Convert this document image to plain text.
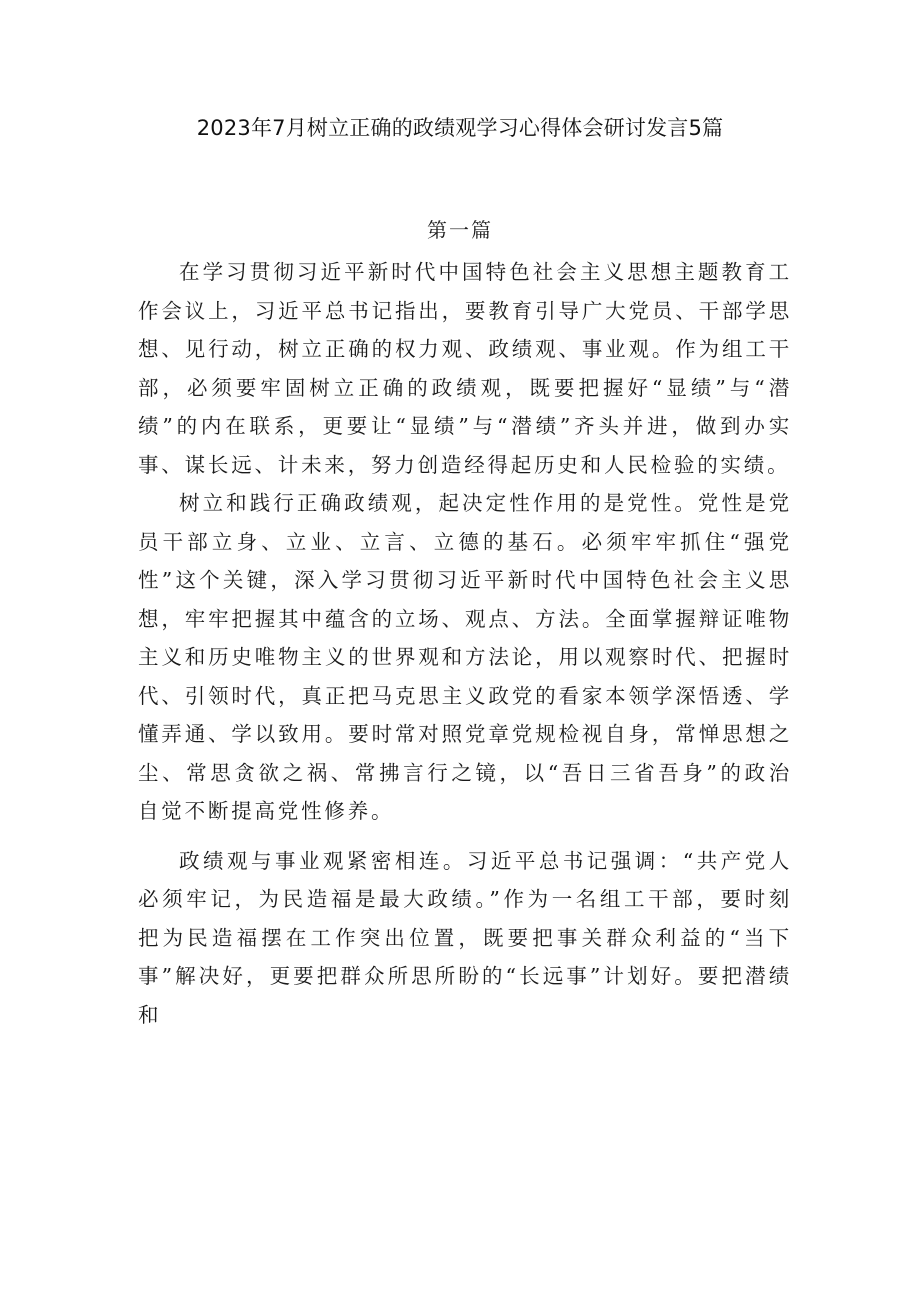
2023年7月树立正确的政绩观学习心得体会研讨发言5篇
第一篇

在学习贯彻习近平新时代中国特色社会主义思想主题教育工作会议上，习近平总书记指出，要教育引导广大党员、干部学思想、见行动，树立正确的权力观、政绩观、事业观。作为组工干部，必须要牢固树立正确的政绩观，既要把握好“显绩”与“潜绩”的内在联系，更要让“显绩”与“潜绩”齐头并进，做到办实事、谋长远、计未来，努力创造经得起历史和人民检验的实绩。

树立和践行正确政绩观，起决定性作用的是党性。党性是党员干部立身、立业、立言、立德的基石。必须牢牢抓住“强党性”这个关键，深入学习贯彻习近平新时代中国特色社会主义思想，牢牢把握其中蕴含的立场、观点、方法。全面掌握辩证唯物主义和历史唯物主义的世界观和方法论，用以观察时代、把握时代、引领时代，真正把马克思主义政党的看家本领学深悟透、学懂弄通、学以致用。要时常对照党章党规检视自身，常惮思想之尘、常思贪欲之祸、常拂言行之镜，以“吾日三省吾身”的政治自觉不断提高党性修养。

政绩观与事业观紧密相连。习近平总书记强调：“共产党人必须牢记，为民造福是最大政绩。”作为一名组工干部，要时刻把为民造福摆在工作突出位置，既要把事关群众利益的“当下事”解决好，更要把群众所思所盼的“长远事”计划好。要把潜绩和
